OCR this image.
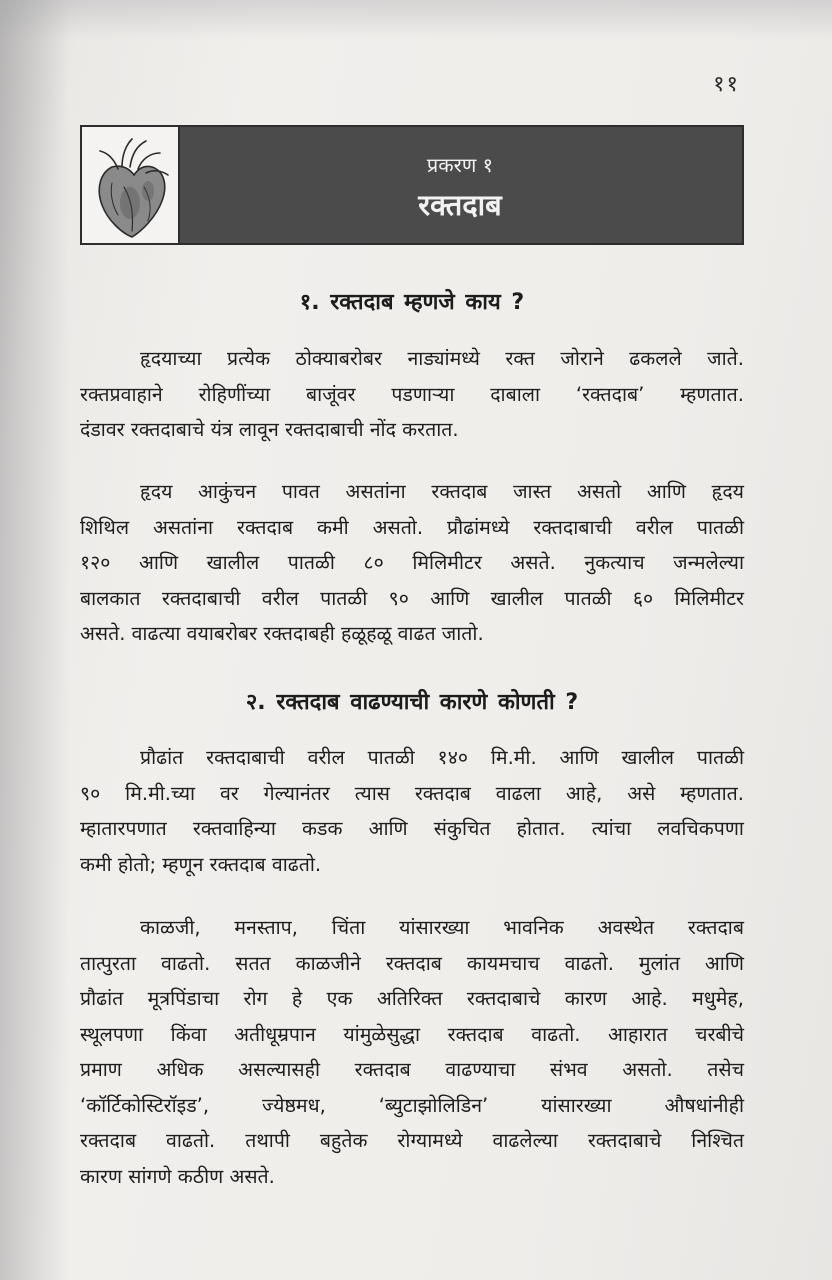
११
प्रकरण १
रक्तदाब
१. रक्तदाब म्हणजे काय ?
हृदयाच्या प्रत्येक ठोक्याबरोबर नाड्यांमध्ये रक्त जोराने ढकलले जाते.
रक्तप्रवाहाने रोहिणींच्या बाजूंवर पडणाऱ्या दाबाला ‘रक्तदाब’ म्हणतात.
दंडावर रक्तदाबाचे यंत्र लावून रक्तदाबाची नोंद करतात.
हृदय आकुंचन पावत असतांना रक्तदाब जास्त असतो आणि हृदय
शिथिल असतांना रक्तदाब कमी असतो. प्रौढांमध्ये रक्तदाबाची वरील पातळी
१२० आणि खालील पातळी ८० मिलिमीटर असते. नुकत्याच जन्मलेल्या
बालकात रक्तदाबाची वरील पातळी ९० आणि खालील पातळी ६० मिलिमीटर
असते. वाढत्या वयाबरोबर रक्तदाबही हळूहळू वाढत जातो.
२. रक्तदाब वाढण्याची कारणे कोणती ?
प्रौढांत रक्तदाबाची वरील पातळी १४० मि.मी. आणि खालील पातळी
९० मि.मी.च्या वर गेल्यानंतर त्यास रक्तदाब वाढला आहे, असे म्हणतात.
म्हातारपणात रक्तवाहिन्या कडक आणि संकुचित होतात. त्यांचा लवचिकपणा
कमी होतो; म्हणून रक्तदाब वाढतो.
काळजी, मनस्ताप, चिंता यांसारख्या भावनिक अवस्थेत रक्तदाब
तात्पुरता वाढतो. सतत काळजीने रक्तदाब कायमचाच वाढतो. मुलांत आणि
प्रौढांत मूत्रपिंडाचा रोग हे एक अतिरिक्त रक्तदाबाचे कारण आहे. मधुमेह,
स्थूलपणा किंवा अतीधूम्रपान यांमुळेसुद्धा रक्तदाब वाढतो. आहारात चरबीचे
प्रमाण अधिक असल्यासही रक्तदाब वाढण्याचा संभव असतो. तसेच
‘कॉर्टिकोस्टिरॉइड’, ज्येष्ठमध, ‘ब्युटाझोलिडिन’ यांसारख्या औषधांनीही
रक्तदाब वाढतो. तथापी बहुतेक रोग्यामध्ये वाढलेल्या रक्तदाबाचे निश्चित
कारण सांगणे कठीण असते.
